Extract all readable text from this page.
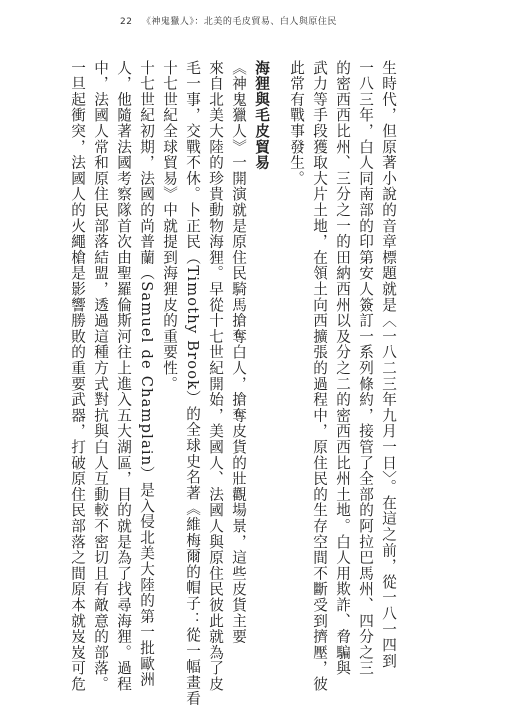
22 《神鬼獵人》：北美的毛皮貿易、白人與原住民
生時代，但原著小說的音章標題就是〈一八二三年九月一日〉。在這之前，從一八一四到
一八三年，白人同南部的印第安人簽訂一系列條約，接管了全部的阿拉巴馬州、四分之三
的密西西比州、三分之一的田納西州以及分之二的密西西比州土地。白人用欺詐、脅騙與
武力等手段獲取大片土地，在領土向西擴張的過程中，原住民的生存空間不斷受到擠壓，彼
此常有戰事發生。
海狸與毛皮貿易
《神鬼獵人》一開演就是原住民騎馬搶奪白人，搶奪皮貨的壯觀場景，這些皮貨主要
來自北美大陸的珍貴動物海狸。早從十七世紀開始，美國人、法國人與原住民彼此就為了皮
毛一事，交戰不休。卜正民（Timothy Brook）的全球史名著《維梅爾的帽子：從一幅畫看
十七世紀全球貿易》中就提到海狸皮的重要性。
十七世紀初期，法國的尚普蘭（Samuel de Champlain）是入侵北美大陸的第一批歐洲
人，他隨著法國考察隊首次由聖羅倫斯河往上進入五大湖區，目的就是為了找尋海狸。過程
中，法國人常和原住民部落結盟，透過這種方式對抗與白人互動較不密切且有敵意的部落。
一旦起衝突，法國人的火繩槍是影響勝敗的重要武器，打破原住民部落之間原本就岌岌可危
